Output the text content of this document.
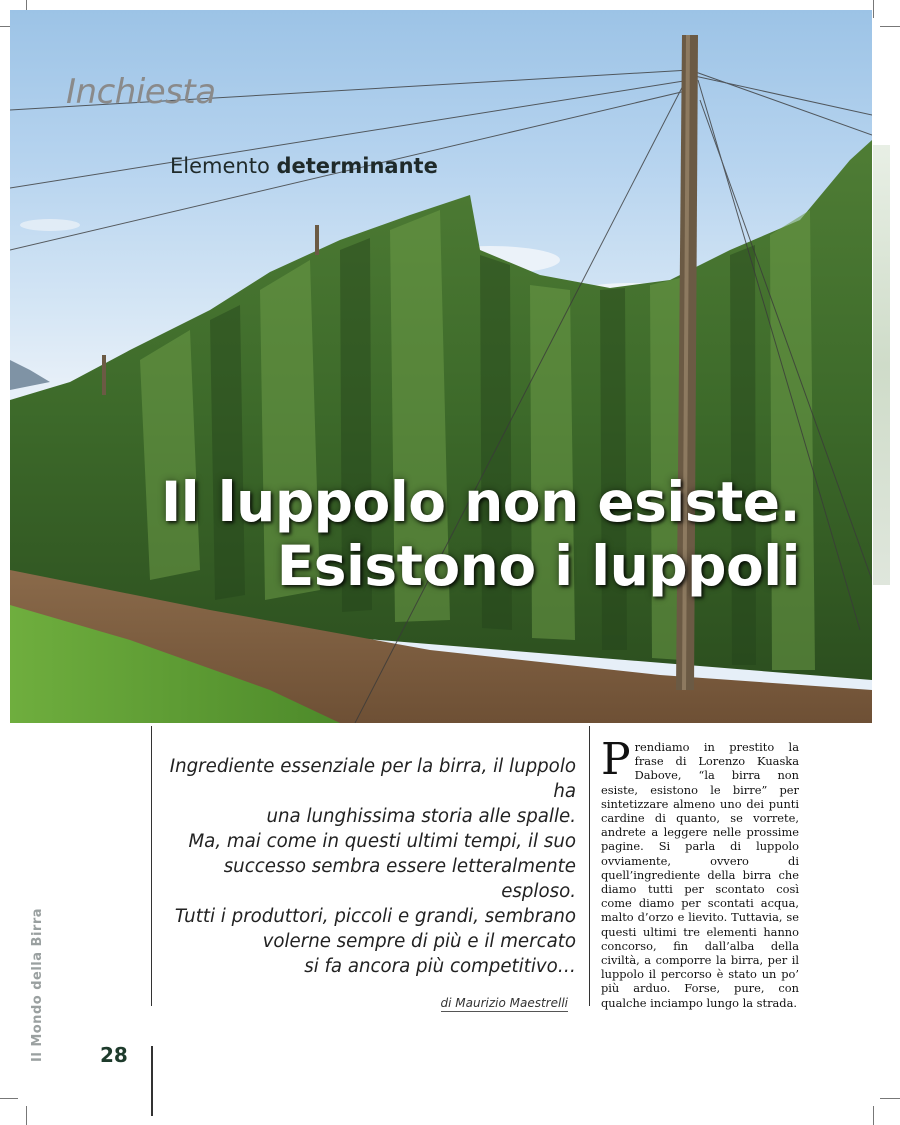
Inchiesta
Elemento determinante
Il luppolo non esiste.
Esistono i luppoli
Ingrediente essenziale per la birra, il luppolo ha
una lunghissima storia alle spalle.
Ma, mai come in questi ultimi tempi, il suo
successo sembra essere letteralmente esploso.
Tutti i produttori, piccoli e grandi, sembrano
volerne sempre di più e il mercato
si fa ancora più competitivo…
di Maurizio Maestrelli
P rendiamo in prestito la frase di Lorenzo Kuaska Dabove, “la birra non esiste, esistono le birre” per sintetizzare almeno uno dei punti cardine di quanto, se vorrete, andrete a leggere nelle prossime pagine. Si parla di luppolo ovviamente, ovvero di quell’ingrediente della birra che diamo tutti per scontato così come diamo per scontati acqua, malto d’orzo e lievito. Tuttavia, se questi ultimi tre elementi hanno concorso, fin dall’alba della civiltà, a comporre la birra, per il luppolo il percorso è stato un po’ più arduo. Forse, pure, con qualche inciampo lungo la strada.
Il Mondo della Birra	28
